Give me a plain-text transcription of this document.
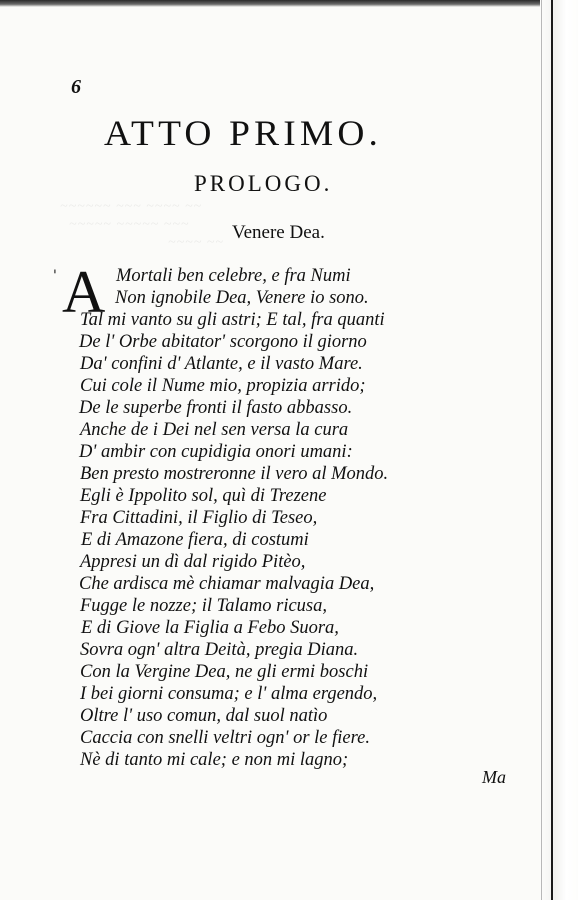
~~~~~~ ~~~ ~~~~ ~~
~~~~~ ~~~~~ ~~~
~~~~ ~~
6
ATTO PRIMO.
PROLOGO.
Venere Dea.
' A Mortali ben celebre, e fra Numi
Non ignobile Dea, Venere io sono.
Tal mi vanto su gli astri; E tal, fra quanti
De l' Orbe abitator' scorgono il giorno
Da' confini d' Atlante, e il vasto Mare.
Cui cole il Nume mio, propizia arrido;
De le superbe fronti il fasto abbasso.
Anche de i Dei nel sen versa la cura
D' ambir con cupidigia onori umani:
Ben presto mostreronne il vero al Mondo.
Egli è Ippolito sol, quì di Trezene
Fra Cittadini, il Figlio di Teseo,
E di Amazone fiera, di costumi
Appresi un dì dal rigido Pitèo,
Che ardisca mè chiamar malvagia Dea,
Fugge le nozze; il Talamo ricusa,
E di Giove la Figlia a Febo Suora,
Sovra ogn' altra Deità, pregia Diana.
Con la Vergine Dea, ne gli ermi boschi
I bei giorni consuma; e l' alma ergendo,
Oltre l' uso comun, dal suol natìo
Caccia con snelli veltri ogn' or le fiere.
Nè di tanto mi cale; e non mi lagno;
Ma
